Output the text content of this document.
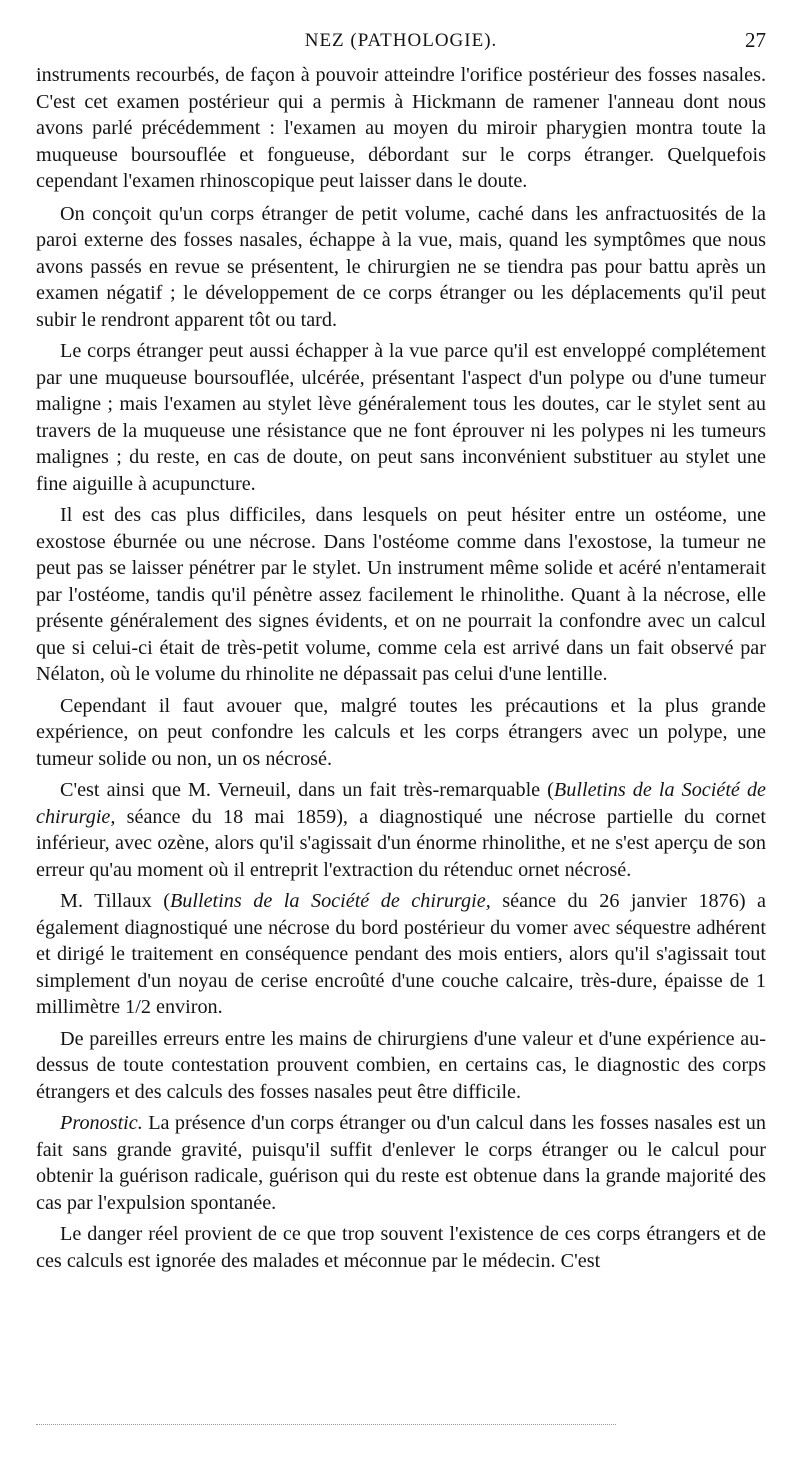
NEZ (PATHOLOGIE).	27

instruments recourbés, de façon à pouvoir atteindre l'orifice postérieur des fosses nasales. C'est cet examen postérieur qui a permis à Hickmann de ramener l'anneau dont nous avons parlé précédemment : l'examen au moyen du miroir pharygien montra toute la muqueuse boursouflée et fongueuse, débordant sur le corps étranger. Quelquefois cependant l'examen rhinoscopique peut laisser dans le doute.

On conçoit qu'un corps étranger de petit volume, caché dans les anfractuosités de la paroi externe des fosses nasales, échappe à la vue, mais, quand les symptômes que nous avons passés en revue se présentent, le chirurgien ne se tiendra pas pour battu après un examen négatif ; le développement de ce corps étranger ou les déplacements qu'il peut subir le rendront apparent tôt ou tard.

Le corps étranger peut aussi échapper à la vue parce qu'il est enveloppé complétement par une muqueuse boursouflée, ulcérée, présentant l'aspect d'un polype ou d'une tumeur maligne ; mais l'examen au stylet lève généralement tous les doutes, car le stylet sent au travers de la muqueuse une résistance que ne font éprouver ni les polypes ni les tumeurs malignes ; du reste, en cas de doute, on peut sans inconvénient substituer au stylet une fine aiguille à acupuncture.

Il est des cas plus difficiles, dans lesquels on peut hésiter entre un ostéome, une exostose éburnée ou une nécrose. Dans l'ostéome comme dans l'exostose, la tumeur ne peut pas se laisser pénétrer par le stylet. Un instrument même solide et acéré n'entamerait par l'ostéome, tandis qu'il pénètre assez facilement le rhinolithe. Quant à la nécrose, elle présente généralement des signes évidents, et on ne pourrait la confondre avec un calcul que si celui-ci était de très-petit volume, comme cela est arrivé dans un fait observé par Nélaton, où le volume du rhinolite ne dépassait pas celui d'une lentille.

Cependant il faut avouer que, malgré toutes les précautions et la plus grande expérience, on peut confondre les calculs et les corps étrangers avec un polype, une tumeur solide ou non, un os nécrosé.

C'est ainsi que M. Verneuil, dans un fait très-remarquable (Bulletins de la Société de chirurgie, séance du 18 mai 1859), a diagnostiqué une nécrose partielle du cornet inférieur, avec ozène, alors qu'il s'agissait d'un énorme rhinolithe, et ne s'est aperçu de son erreur qu'au moment où il entreprit l'extraction du rétenduc ornet nécrosé.

M. Tillaux (Bulletins de la Société de chirurgie, séance du 26 janvier 1876) a également diagnostiqué une nécrose du bord postérieur du vomer avec séquestre adhérent et dirigé le traitement en conséquence pendant des mois entiers, alors qu'il s'agissait tout simplement d'un noyau de cerise encroûté d'une couche calcaire, très-dure, épaisse de 1 millimètre 1/2 environ.

De pareilles erreurs entre les mains de chirurgiens d'une valeur et d'une expérience au-dessus de toute contestation prouvent combien, en certains cas, le diagnostic des corps étrangers et des calculs des fosses nasales peut être difficile.

Pronostic. La présence d'un corps étranger ou d'un calcul dans les fosses nasales est un fait sans grande gravité, puisqu'il suffit d'enlever le corps étranger ou le calcul pour obtenir la guérison radicale, guérison qui du reste est obtenue dans la grande majorité des cas par l'expulsion spontanée.

Le danger réel provient de ce que trop souvent l'existence de ces corps étrangers et de ces calculs est ignorée des malades et méconnue par le médecin. C'est
